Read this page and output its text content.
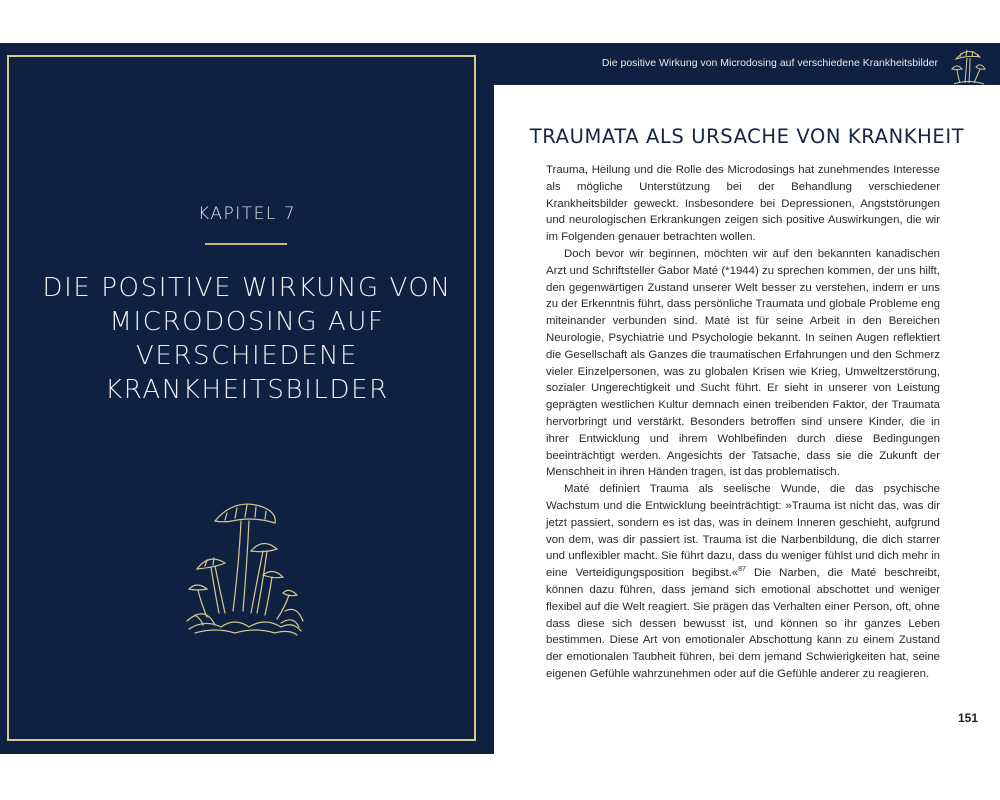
KAPITEL 7
DIE POSITIVE WIRKUNG VON MICRODOSING AUF VERSCHIEDENE KRANKHEITSBILDER
Die positive Wirkung von Microdosing auf verschiedene Krankheitsbilder
TRAUMATA ALS URSACHE VON KRANKHEIT

Trauma, Heilung und die Rolle des Microdosings hat zunehmendes Interesse als mögliche Unterstützung bei der Behandlung verschiedener Krankheitsbilder geweckt. Insbesondere bei Depressionen, Angststörungen und neurologischen Erkrankungen zeigen sich positive Auswirkungen, die wir im Folgenden genauer betrachten wollen.

Doch bevor wir beginnen, möchten wir auf den bekannten kanadischen Arzt und Schriftsteller Gabor Maté (*1944) zu sprechen kommen, der uns hilft, den gegenwärtigen Zustand unserer Welt besser zu verstehen, indem er uns zu der Erkenntnis führt, dass persönliche Traumata und globale Probleme eng miteinander verbunden sind. Maté ist für seine Arbeit in den Bereichen Neurologie, Psychiatrie und Psychologie bekannt. In seinen Augen reflektiert die Gesellschaft als Ganzes die traumatischen Erfahrungen und den Schmerz vieler Einzelpersonen, was zu globalen Krisen wie Krieg, Umweltzerstörung, sozialer Ungerechtigkeit und Sucht führt. Er sieht in unserer von Leistung geprägten westlichen Kultur demnach einen treibenden Faktor, der Traumata hervorbringt und verstärkt. Besonders betroffen sind unsere Kinder, die in ihrer Entwicklung und ihrem Wohlbefinden durch diese Bedingungen beeinträchtigt werden. Angesichts der Tatsache, dass sie die Zukunft der Menschheit in ihren Händen tragen, ist das problematisch.

Maté definiert Trauma als seelische Wunde, die das psychische Wachstum und die Entwicklung beeinträchtigt: »Trauma ist nicht das, was dir jetzt passiert, sondern es ist das, was in deinem Inneren geschieht, aufgrund von dem, was dir passiert ist. Trauma ist die Narbenbildung, die dich starrer und unflexibler macht. Sie führt dazu, dass du weniger fühlst und dich mehr in eine Verteidigungsposition begibst.«$^{87}$ Die Narben, die Maté beschreibt, können dazu führen, dass jemand sich emotional abschottet und weniger flexibel auf die Welt reagiert. Sie prägen das Verhalten einer Person, oft, ohne dass diese sich dessen bewusst ist, und können so ihr ganzes Leben bestimmen. Diese Art von emotionaler Abschottung kann zu einem Zustand der emotionalen Taubheit führen, bei dem jemand Schwierigkeiten hat, seine eigenen Gefühle wahrzunehmen oder auf die Gefühle anderer zu reagieren.

151
